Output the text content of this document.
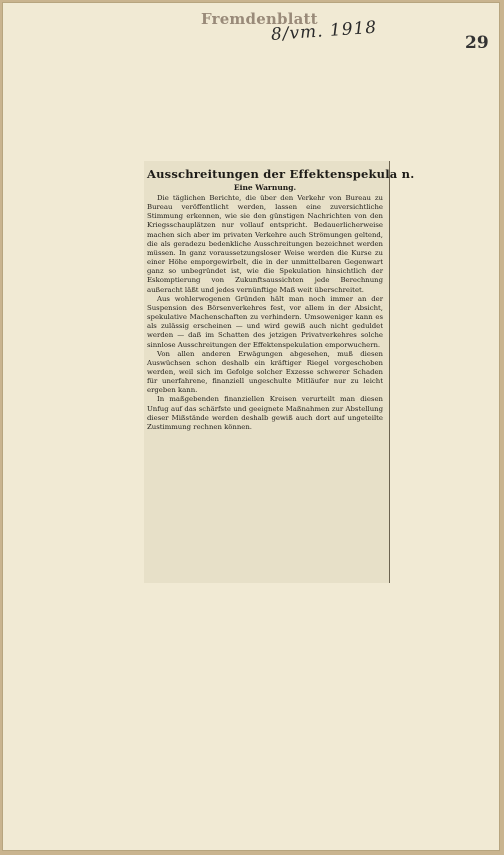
Fremdenblatt
8/vm. 1918	29
Ausschreitungen der Effektenspekula n.
Eine Warnung.

Die täglichen Berichte, die über den Verkehr von Bureau zu Bureau veröffentlicht werden, lassen eine zuversichtliche Stimmung erkennen, wie sie den günstigen Nachrichten von den Kriegsschauplätzen nur vollauf entspricht. Bedauerlicherweise machen sich aber im privaten Verkehre auch Strömungen geltend, die als geradezu bedenkliche Ausschreitungen bezeichnet werden müssen. In ganz voraussetzungsloser Weise werden die Kurse zu einer Höhe emporgewirbelt, die in der unmittelbaren Gegenwart ganz so unbegründet ist, wie die Spekulation hinsichtlich der Eskomptierung von Zukunftsaussichten jede Berechnung außeracht läßt und jedes vernünftige Maß weit überschreitet.

Aus wohlerwogenen Gründen hält man noch immer an der Suspension des Börsenverkehres fest, vor allem in der Absicht, spekulative Machenschaften zu verhindern. Umsoweniger kann es als zulässig erscheinen — und wird gewiß auch nicht geduldet werden — daß im Schatten des jetzigen Privatverkehres solche sinnlose Ausschreitungen der Effektenspekulation emporwuchern.

Von allen anderen Erwägungen abgesehen, muß diesen Auswüchsen schon deshalb ein kräftiger Riegel vorgeschoben werden, weil sich im Gefolge solcher Exzesse schwerer Schaden für unerfahrene, finanziell ungeschulte Mitläufer nur zu leicht ergeben kann.

In maßgebenden finanziellen Kreisen verurteilt man diesen Unfug auf das schärfste und geeignete Maßnahmen zur Abstellung dieser Mißstände werden deshalb gewiß auch dort auf ungeteilte Zustimmung rechnen können.
